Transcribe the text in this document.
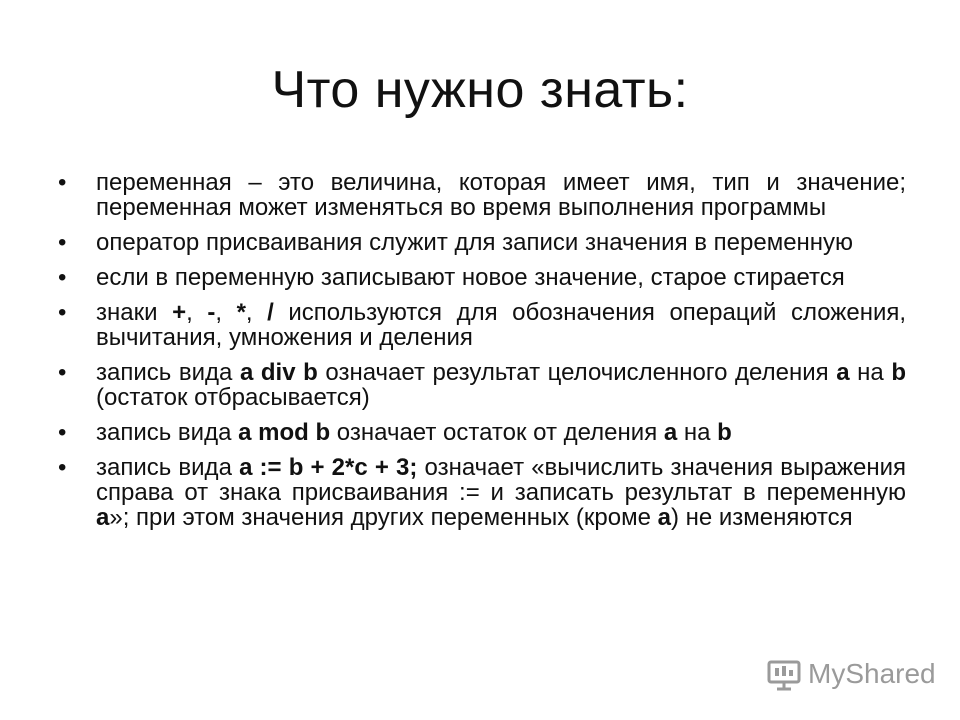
Что нужно знать:
• переменная – это величина, которая имеет имя, тип и значение; переменная может изменяться во время выполнения программы
• оператор присваивания служит для записи значения в переменную
• если в переменную записывают новое значение, старое стирается
• знаки +, -, *, / используются для обозначения операций сложения, вычитания, умножения и деления
• запись вида a div b означает результат целочисленного деления a на b (остаток отбрасывается)
• запись вида a mod b означает остаток от деления a на b
• запись вида a := b + 2*c + 3; означает «вычислить значения выражения справа от знака присваивания := и записать результат в переменную a»; при этом значения других переменных (кроме a) не изменяются
MyShared
